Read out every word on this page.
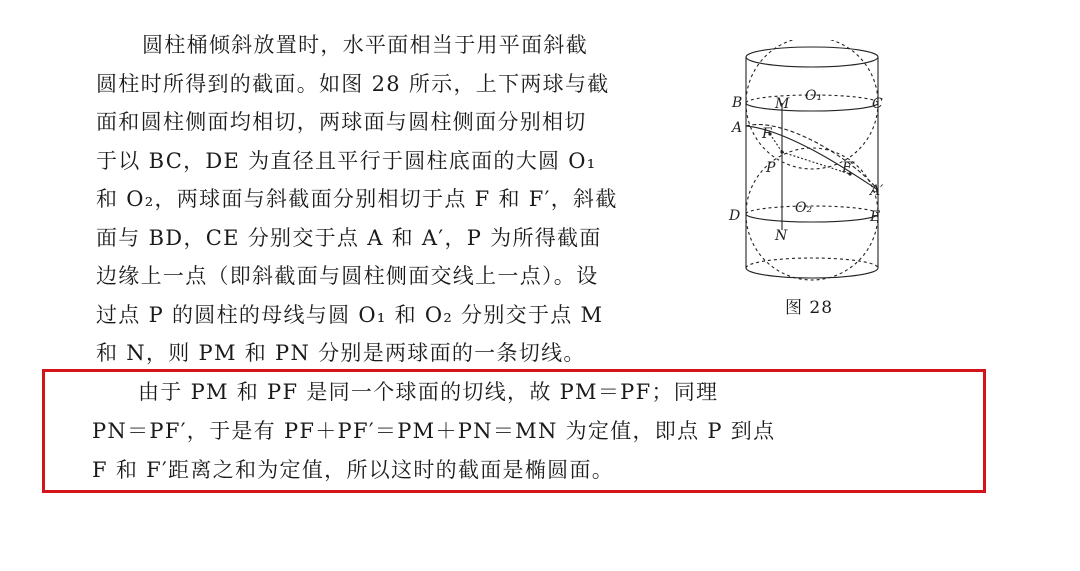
圆柱桶倾斜放置时，水平面相当于用平面斜截
圆柱时所得到的截面。如图 28 所示，上下两球与截
面和圆柱侧面均相切，两球面与圆柱侧面分别相切
于以 BC，DE 为直径且平行于圆柱底面的大圆 O₁
和 O₂，两球面与斜截面分别相切于点 F 和 F′，斜截
面与 BD，CE 分别交于点 A 和 A′，P 为所得截面
边缘上一点（即斜截面与圆柱侧面交线上一点）。设
过点 P 的圆柱的母线与圆 O₁ 和 O₂ 分别交于点 M
和 N，则 PM 和 PN 分别是两球面的一条切线。

由于 PM 和 PF 是同一个球面的切线，故 PM＝PF；同理
PN＝PF′，于是有 PF＋PF′＝PM＋PN＝MN 为定值，即点 P 到点
F 和 F′距离之和为定值，所以这时的截面是椭圆面。

B M O₁	C
A F
P	F′
A′
D	O₂
E
N
图 28
